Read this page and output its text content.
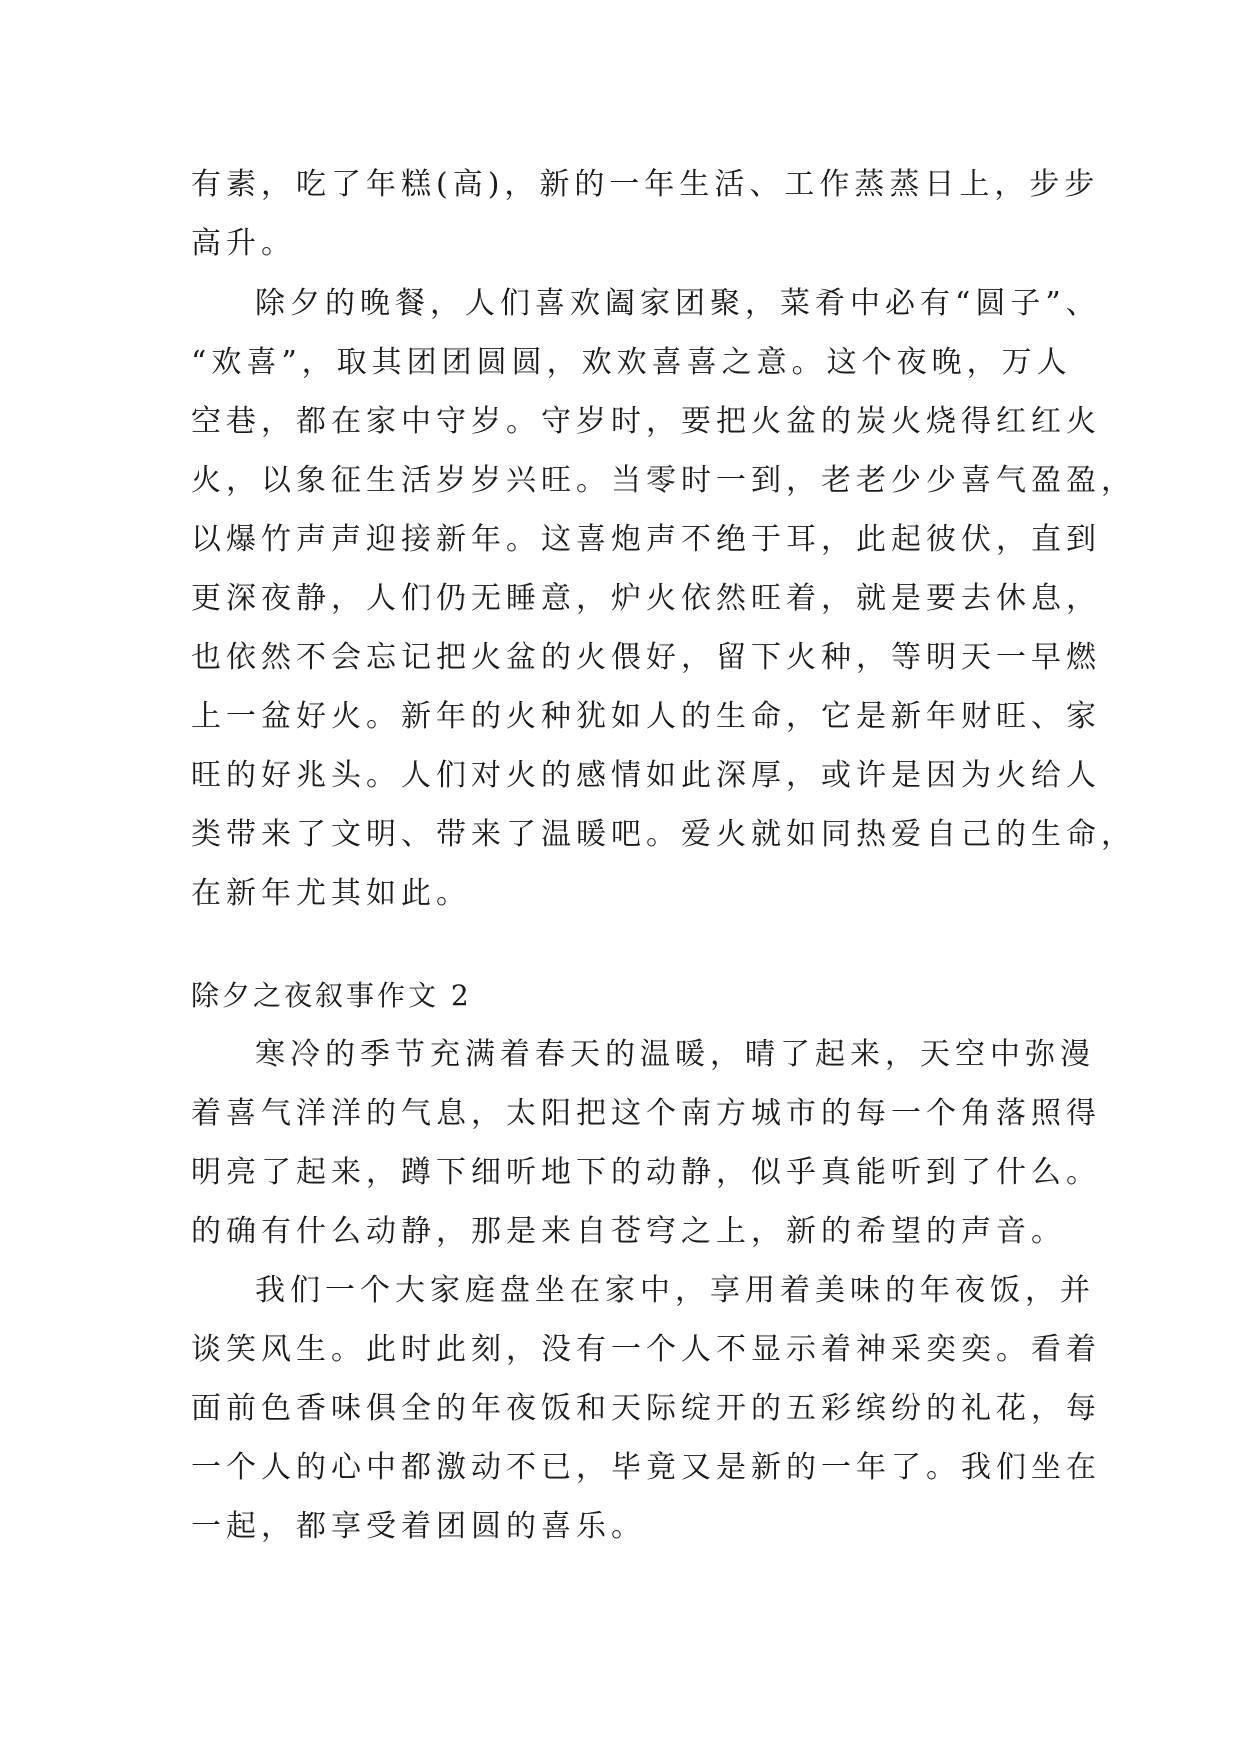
有素，吃了年糕(高)，新的一年生活、工作蒸蒸日上，步步
高升。
除夕的晚餐，人们喜欢阖家团聚，菜肴中必有“圆子”、
“欢喜”，取其团团圆圆，欢欢喜喜之意。这个夜晚，万人
空巷，都在家中守岁。守岁时，要把火盆的炭火烧得红红火
火，以象征生活岁岁兴旺。当零时一到，老老少少喜气盈盈，
以爆竹声声迎接新年。这喜炮声不绝于耳，此起彼伏，直到
更深夜静，人们仍无睡意，炉火依然旺着，就是要去休息，
也依然不会忘记把火盆的火偎好，留下火种，等明天一早燃
上一盆好火。新年的火种犹如人的生命，它是新年财旺、家
旺的好兆头。人们对火的感情如此深厚，或许是因为火给人
类带来了文明、带来了温暖吧。爱火就如同热爱自己的生命，
在新年尤其如此。
除夕之夜叙事作文 2
寒冷的季节充满着春天的温暖，晴了起来，天空中弥漫
着喜气洋洋的气息，太阳把这个南方城市的每一个角落照得
明亮了起来，蹲下细听地下的动静，似乎真能听到了什么。
的确有什么动静，那是来自苍穹之上，新的希望的声音。
我们一个大家庭盘坐在家中，享用着美味的年夜饭，并
谈笑风生。此时此刻，没有一个人不显示着神采奕奕。看着
面前色香味俱全的年夜饭和天际绽开的五彩缤纷的礼花，每
一个人的心中都激动不已，毕竟又是新的一年了。我们坐在
一起，都享受着团圆的喜乐。
